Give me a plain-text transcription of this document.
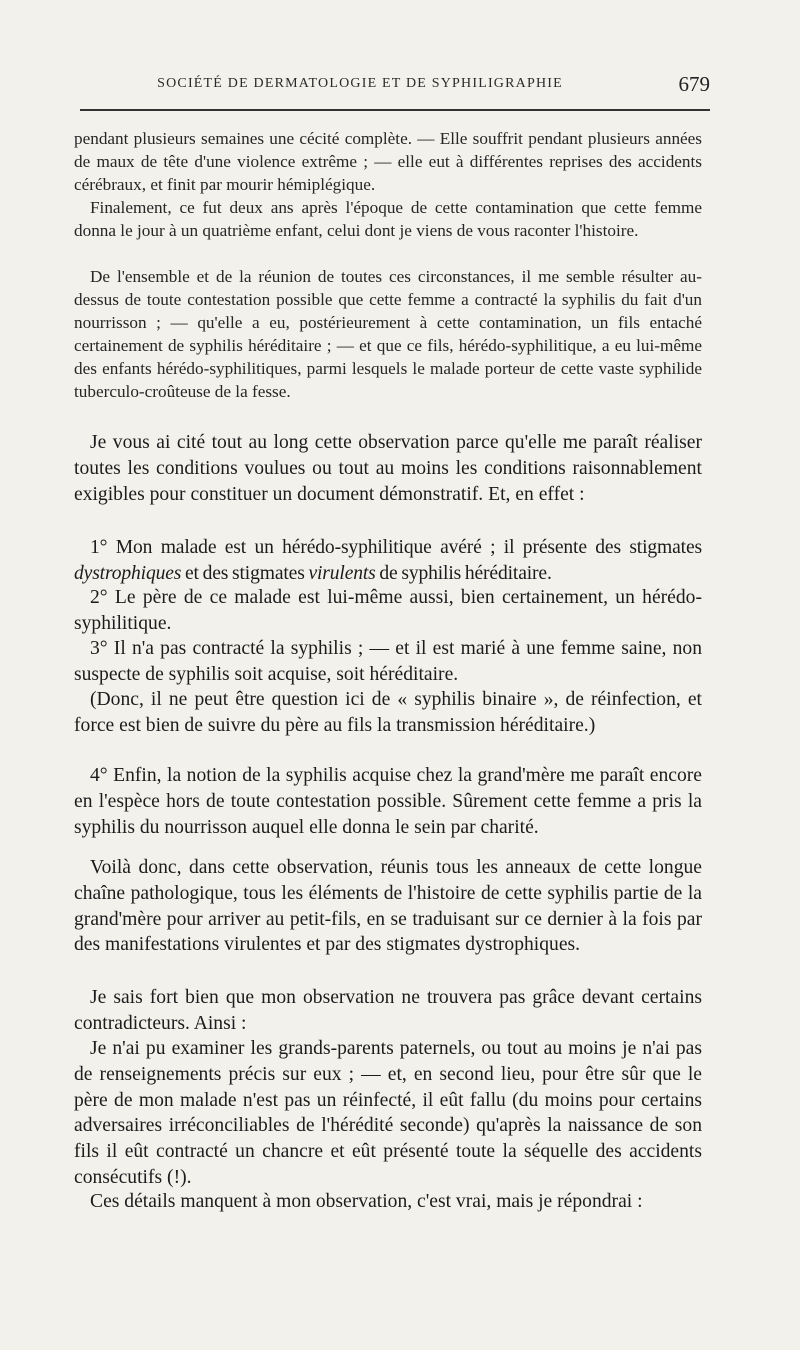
SOCIÉTÉ DE DERMATOLOGIE ET DE SYPHILIGRAPHIE	679

pendant plusieurs semaines une cécité complète. — Elle souffrit pendant plusieurs années de maux de tête d'une violence extrême ; — elle eut à différentes reprises des accidents cérébraux, et finit par mourir hémiplégique.

Finalement, ce fut deux ans après l'époque de cette contamination que cette femme donna le jour à un quatrième enfant, celui dont je viens de vous raconter l'histoire.

De l'ensemble et de la réunion de toutes ces circonstances, il me semble résulter au-dessus de toute contestation possible que cette femme a contracté la syphilis du fait d'un nourrisson ; — qu'elle a eu, postérieurement à cette contamination, un fils entaché certainement de syphilis héréditaire ; — et que ce fils, hérédo-syphilitique, a eu lui-même des enfants hérédo-syphilitiques, parmi lesquels le malade porteur de cette vaste syphilide tuberculo-croûteuse de la fesse.

Je vous ai cité tout au long cette observation parce qu'elle me paraît réaliser toutes les conditions voulues ou tout au moins les conditions raisonnablement exigibles pour constituer un document démonstratif. Et, en effet :

1° Mon malade est un hérédo-syphilitique avéré ; il présente des stigmates dystrophiques et des stigmates virulents de syphilis héréditaire.

2° Le père de ce malade est lui-même aussi, bien certainement, un hérédo-syphilitique.

3° Il n'a pas contracté la syphilis ; — et il est marié à une femme saine, non suspecte de syphilis soit acquise, soit héréditaire.

(Donc, il ne peut être question ici de « syphilis binaire », de réinfection, et force est bien de suivre du père au fils la transmission héréditaire.)

4° Enfin, la notion de la syphilis acquise chez la grand'mère me paraît encore en l'espèce hors de toute contestation possible. Sûrement cette femme a pris la syphilis du nourrisson auquel elle donna le sein par charité.

Voilà donc, dans cette observation, réunis tous les anneaux de cette longue chaîne pathologique, tous les éléments de l'histoire de cette syphilis partie de la grand'mère pour arriver au petit-fils, en se traduisant sur ce dernier à la fois par des manifestations virulentes et par des stigmates dystrophiques.

Je sais fort bien que mon observation ne trouvera pas grâce devant certains contradicteurs. Ainsi :

Je n'ai pu examiner les grands-parents paternels, ou tout au moins je n'ai pas de renseignements précis sur eux ; — et, en second lieu, pour être sûr que le père de mon malade n'est pas un réinfecté, il eût fallu (du moins pour certains adversaires irréconciliables de l'hérédité seconde) qu'après la naissance de son fils il eût contracté un chancre et eût présenté toute la séquelle des accidents consécutifs (!).

Ces détails manquent à mon observation, c'est vrai, mais je répondrai :
